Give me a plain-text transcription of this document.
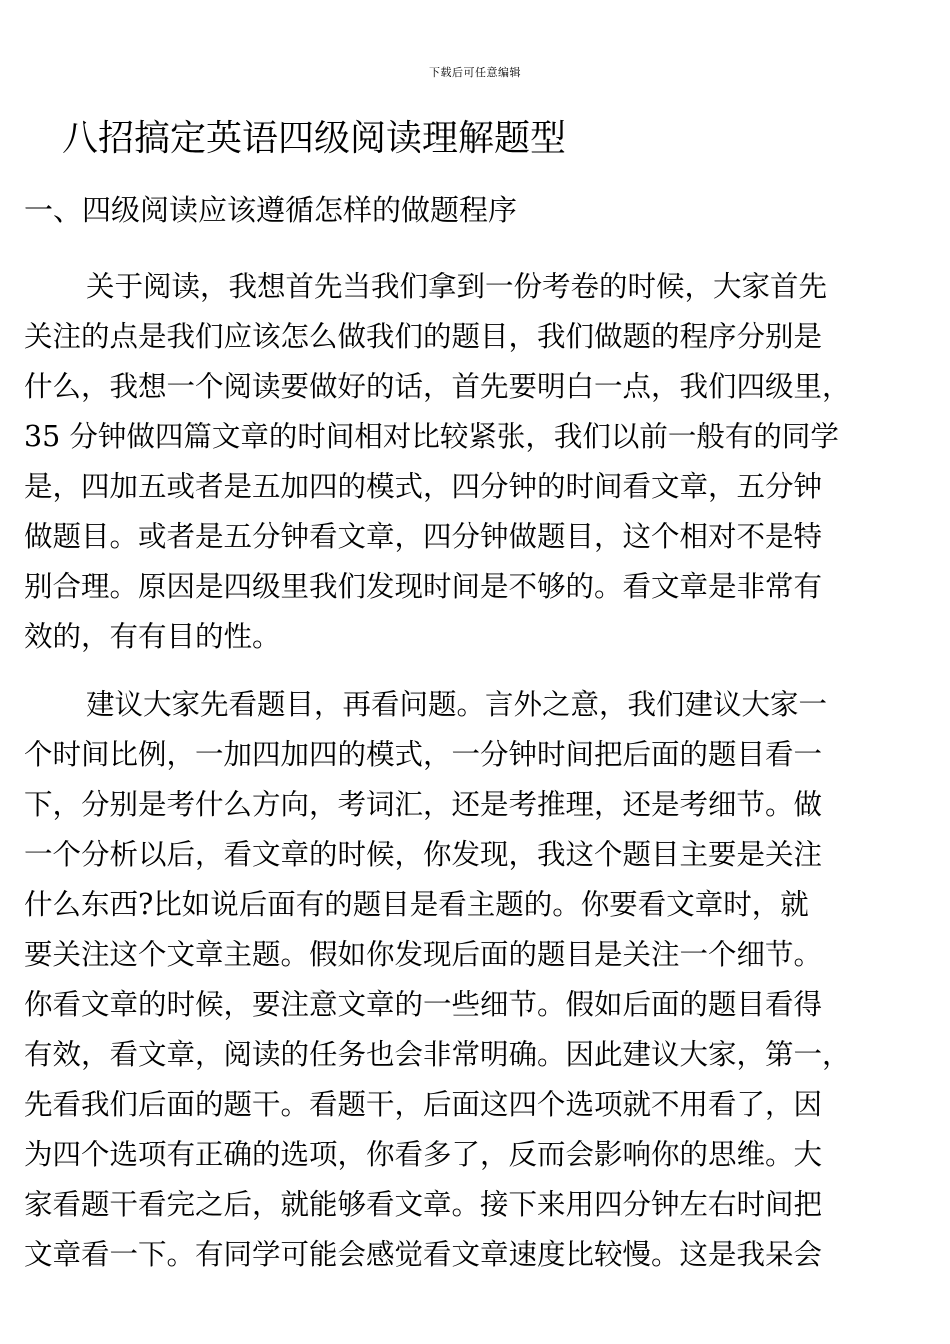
下载后可任意编辑
八招搞定英语四级阅读理解题型
一、四级阅读应该遵循怎样的做题程序
关于阅读，我想首先当我们拿到一份考卷的时候，大家首先
关注的点是我们应该怎么做我们的题目，我们做题的程序分别是
什么，我想一个阅读要做好的话，首先要明白一点，我们四级里，
35 分钟做四篇文章的时间相对比较紧张，我们以前一般有的同学
是，四加五或者是五加四的模式，四分钟的时间看文章，五分钟
做题目。或者是五分钟看文章，四分钟做题目，这个相对不是特
别合理。原因是四级里我们发现时间是不够的。看文章是非常有
效的，有有目的性。
建议大家先看题目，再看问题。言外之意，我们建议大家一
个时间比例，一加四加四的模式，一分钟时间把后面的题目看一
下，分别是考什么方向，考词汇，还是考推理，还是考细节。做
一个分析以后，看文章的时候，你发现，我这个题目主要是关注
什么东西?比如说后面有的题目是看主题的。你要看文章时，就
要关注这个文章主题。假如你发现后面的题目是关注一个细节。
你看文章的时候，要注意文章的一些细节。假如后面的题目看得
有效，看文章，阅读的任务也会非常明确。因此建议大家，第一，
先看我们后面的题干。看题干，后面这四个选项就不用看了，因
为四个选项有正确的选项，你看多了，反而会影响你的思维。大
家看题干看完之后，就能够看文章。接下来用四分钟左右时间把
文章看一下。有同学可能会感觉看文章速度比较慢。这是我呆会
